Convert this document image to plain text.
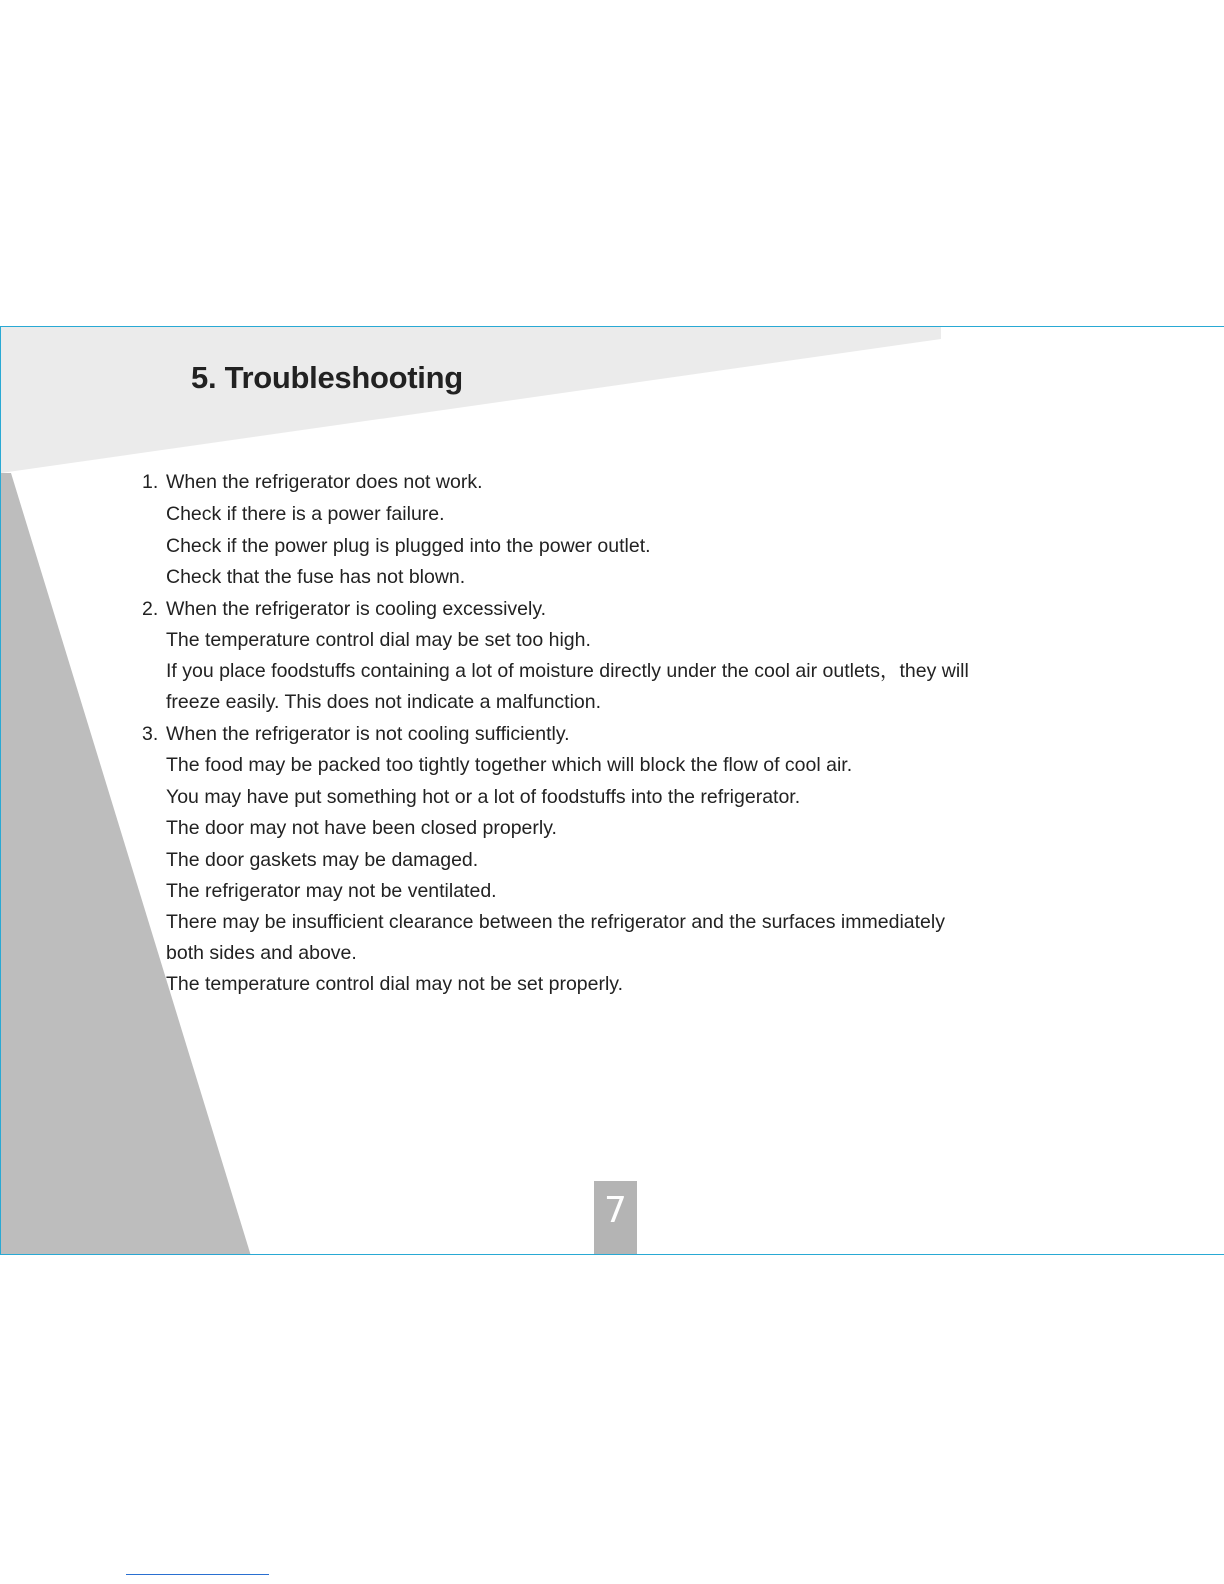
5. Troubleshooting
1. When the refrigerator does not work.
Check if there is a power failure.
Check if the power plug is plugged into the power outlet.
Check that the fuse has not blown.
2. When the refrigerator is cooling excessively.
The temperature control dial may be set too high.
If you place foodstuffs containing a lot of moisture directly under the cool air outlets，they will
freeze easily. This does not indicate a malfunction.
3. When the refrigerator is not cooling sufficiently.
The food may be packed too tightly together which will block the flow of cool air.
You may have put something hot or a lot of foodstuffs into the refrigerator.
The door may not have been closed properly.
The door gaskets may be damaged.
The refrigerator may not be ventilated.
There may be insufficient clearance between the refrigerator and the surfaces immediately
both sides and above.
The temperature control dial may not be set properly.
7
